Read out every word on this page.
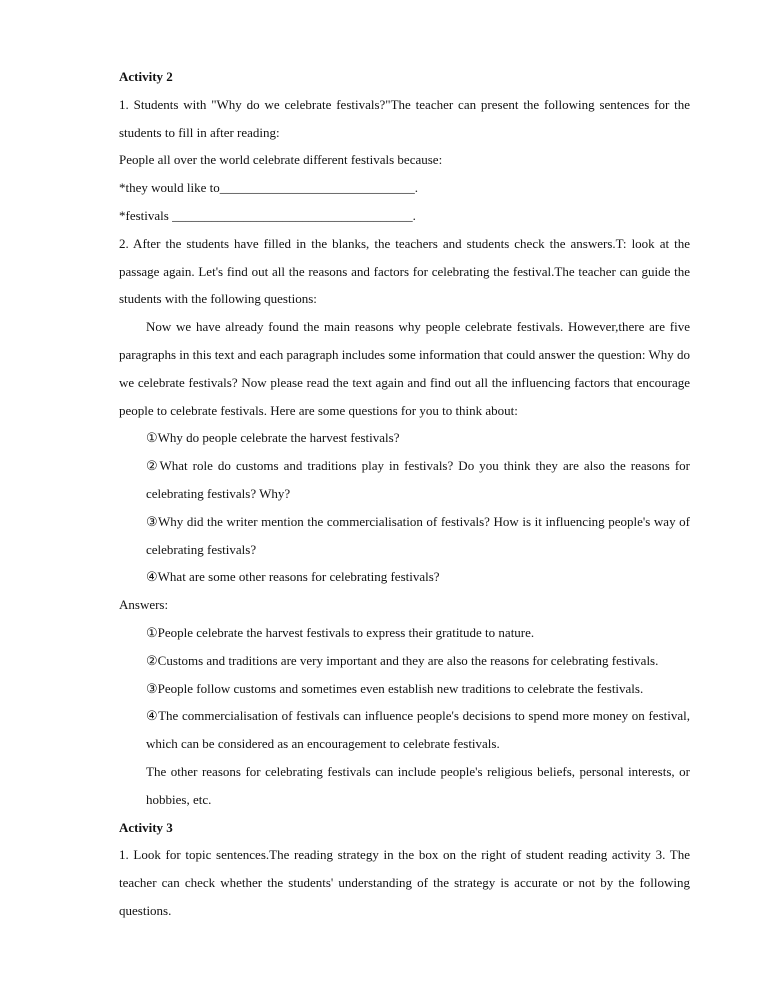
Activity 2

1. Students with "Why do we celebrate festivals?"The teacher can present the following sentences for the students to fill in after reading:

People all over the world celebrate different festivals because:

*they would like to______________________________.

*festivals _____________________________________.

2. After the students have filled in the blanks, the teachers and students check the answers.T: look at the passage again. Let's find out all the reasons and factors for celebrating the festival.The teacher can guide the students with the following questions:

Now we have already found the main reasons why people celebrate festivals. However,there are five paragraphs in this text and each paragraph includes some information that could answer the question: Why do we celebrate festivals? Now please read the text again and find out all the influencing factors that encourage people to celebrate festivals. Here are some questions for you to think about:

①Why do people celebrate the harvest festivals?

②What role do customs and traditions play in festivals? Do you think they are also the reasons for celebrating festivals? Why?

③Why did the writer mention the commercialisation of festivals? How is it influencing people's way of celebrating festivals?

④What are some other reasons for celebrating festivals?

Answers:

①People celebrate the harvest festivals to express their gratitude to nature.

②Customs and traditions are very important and they are also the reasons for celebrating festivals.

③People follow customs and sometimes even establish new traditions to celebrate the festivals.

④The commercialisation of festivals can influence people's decisions to spend more money on festival, which can be considered as an encouragement to celebrate festivals.

The other reasons for celebrating festivals can include people's religious beliefs, personal interests, or hobbies, etc.

Activity 3

1. Look for topic sentences.The reading strategy in the box on the right of student reading activity 3. The teacher can check whether the students' understanding of the strategy is accurate or not by the following questions.
